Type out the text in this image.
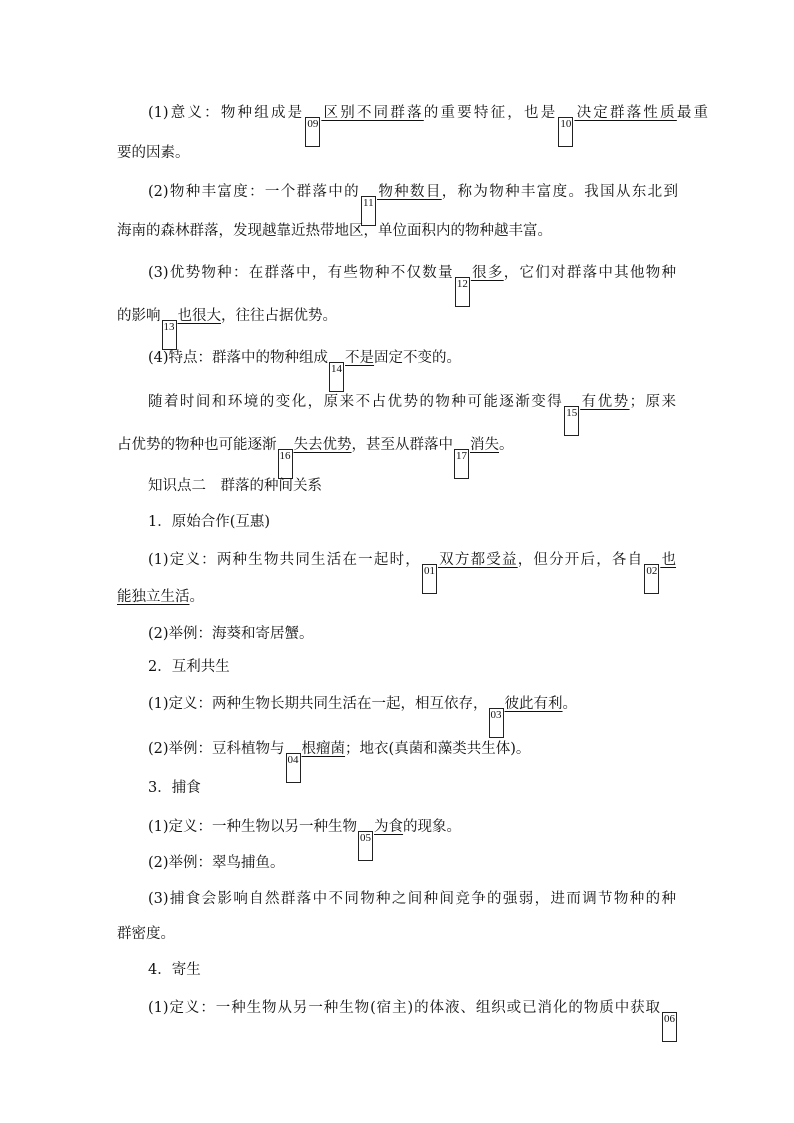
(1)意义：物种组成是09区别不同群落的重要特征，也是10决定群落性质最重
要的因素。
(2)物种丰富度：一个群落中的11物种数目，称为物种丰富度。我国从东北到
海南的森林群落，发现越靠近热带地区，单位面积内的物种越丰富。
(3)优势物种：在群落中，有些物种不仅数量12很多，它们对群落中其他物种
的影响13也很大，往往占据优势。
(4)特点：群落中的物种组成14不是固定不变的。
随着时间和环境的变化，原来不占优势的物种可能逐渐变得15有优势；原来
占优势的物种也可能逐渐16失去优势，甚至从群落中17消失。
知识点二　群落的种间关系
1．原始合作(互惠)
(1)定义：两种生物共同生活在一起时，01双方都受益，但分开后，各自02也
能独立生活。
(2)举例：海葵和寄居蟹。
2．互利共生
(1)定义：两种生物长期共同生活在一起，相互依存，03彼此有利。
(2)举例：豆科植物与04根瘤菌；地衣(真菌和藻类共生体)。
3．捕食
(1)定义：一种生物以另一种生物05为食的现象。
(2)举例：翠鸟捕鱼。
(3)捕食会影响自然群落中不同物种之间种间竞争的强弱，进而调节物种的种
群密度。
4．寄生
(1)定义：一种生物从另一种生物(宿主)的体液、组织或已消化的物质中获取06
